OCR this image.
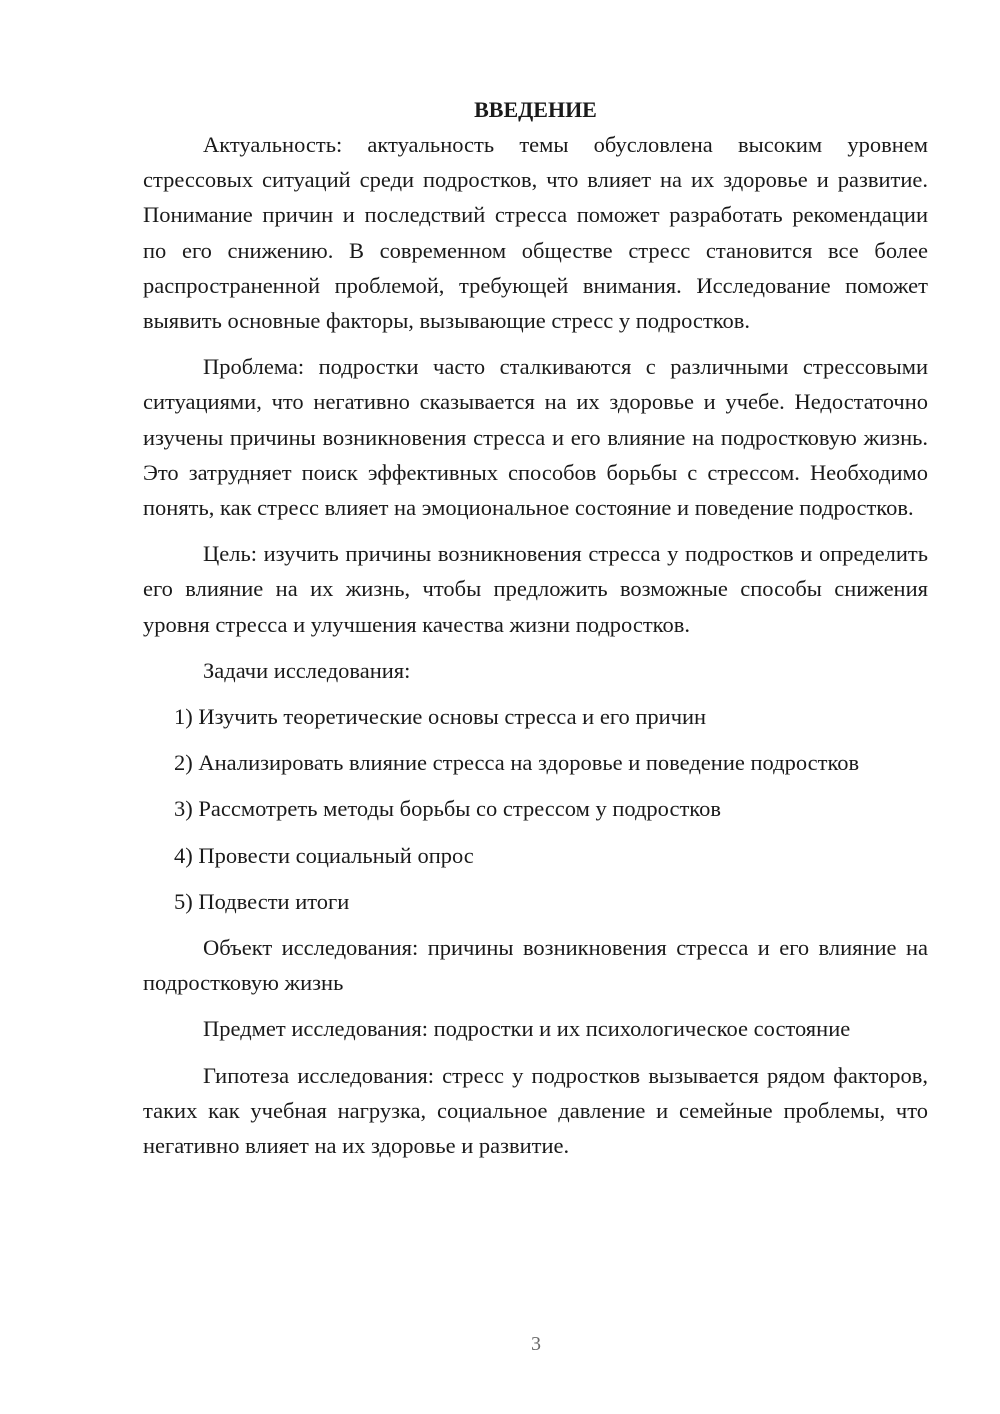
ВВЕДЕНИЕ

Актуальность: актуальность темы обусловлена высоким уровнем стрессовых ситуаций среди подростков, что влияет на их здоровье и развитие. Понимание причин и последствий стресса поможет разработать рекомендации по его снижению. В современном обществе стресс становится все более распространенной проблемой, требующей внимания. Исследование поможет выявить основные факторы, вызывающие стресс у подростков.

Проблема: подростки часто сталкиваются с различными стрессовыми ситуациями, что негативно сказывается на их здоровье и учебе. Недостаточно изучены причины возникновения стресса и его влияние на подростковую жизнь. Это затрудняет поиск эффективных способов борьбы с стрессом. Необходимо понять, как стресс влияет на эмоциональное состояние и поведение подростков.

Цель: изучить причины возникновения стресса у подростков и определить его влияние на их жизнь, чтобы предложить возможные способы снижения уровня стресса и улучшения качества жизни подростков.

Задачи исследования:

1) Изучить теоретические основы стресса и его причин

2) Анализировать влияние стресса на здоровье и поведение подростков

3) Рассмотреть методы борьбы со стрессом у подростков

4) Провести социальный опрос

5) Подвести итоги

Объект исследования: причины возникновения стресса и его влияние на подростковую жизнь

Предмет исследования: подростки и их психологическое состояние

Гипотеза исследования: стресс у подростков вызывается рядом факторов, таких как учебная нагрузка, социальное давление и семейные проблемы, что негативно влияет на их здоровье и развитие.

3
